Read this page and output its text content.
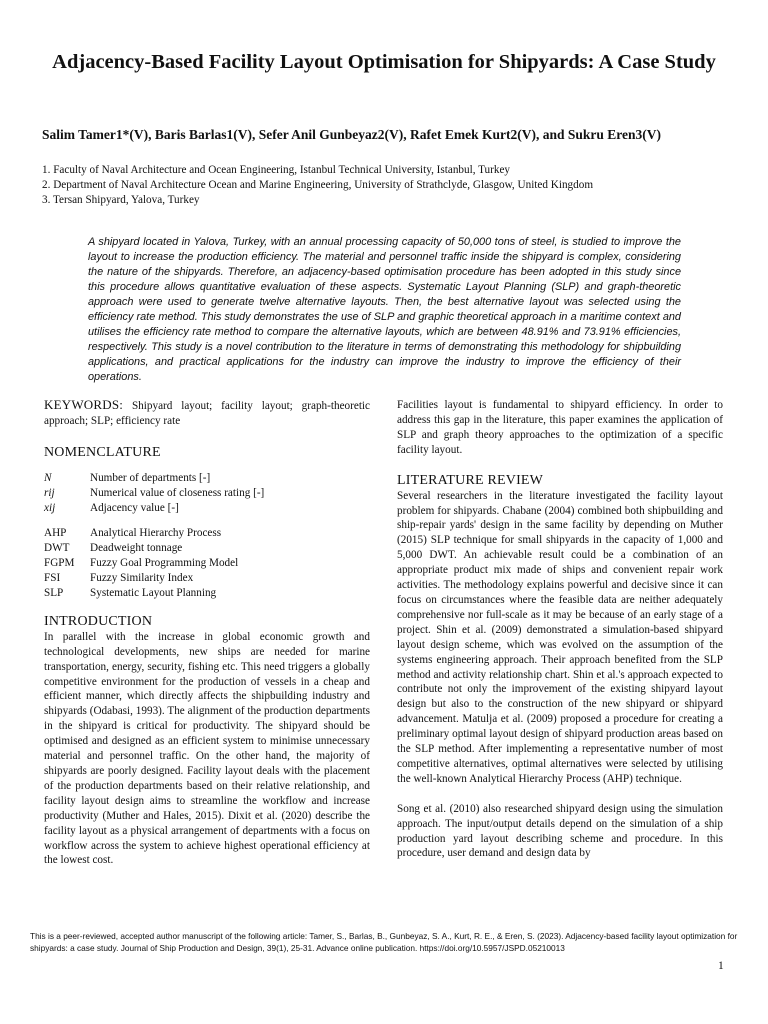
Adjacency-Based Facility Layout Optimisation for Shipyards: A Case Study
Salim Tamer1*(V), Baris Barlas1(V), Sefer Anil Gunbeyaz2(V), Rafet Emek Kurt2(V), and Sukru Eren3(V)
1. Faculty of Naval Architecture and Ocean Engineering, Istanbul Technical University, Istanbul, Turkey
2. Department of Naval Architecture Ocean and Marine Engineering, University of Strathclyde, Glasgow, United Kingdom
3. Tersan Shipyard, Yalova, Turkey
A shipyard located in Yalova, Turkey, with an annual processing capacity of 50,000 tons of steel, is studied to improve the layout to increase the production efficiency. The material and personnel traffic inside the shipyard is complex, considering the nature of the shipyards. Therefore, an adjacency-based optimisation procedure has been adopted in this study since this procedure allows quantitative evaluation of these aspects. Systematic Layout Planning (SLP) and graph-theoretic approach were used to generate twelve alternative layouts. Then, the best alternative layout was selected using the efficiency rate method. This study demonstrates the use of SLP and graphic theoretical approach in a maritime context and utilises the efficiency rate method to compare the alternative layouts, which are between 48.91% and 73.91% efficiencies, respectively. This study is a novel contribution to the literature in terms of demonstrating this methodology for shipbuilding applications, and practical applications for the industry can improve the industry to improve the efficiency of their operations.

KEYWORDS: Shipyard layout; facility layout; graph-theoretic approach; SLP; efficiency rate

NOMENCLATURE

N	Number of departments [-]
rij	Numerical value of closeness rating [-]
xij	Adjacency value [-]
AHP	Analytical Hierarchy Process
DWT	Deadweight tonnage
FGPM	Fuzzy Goal Programming Model
FSI	Fuzzy Similarity Index
SLP	Systematic Layout Planning

INTRODUCTION

In parallel with the increase in global economic growth and technological developments, new ships are needed for marine transportation, energy, security, fishing etc. This need triggers a globally competitive environment for the production of vessels in a cheap and efficient manner, which directly affects the shipbuilding industry and shipyards (Odabasi, 1993). The alignment of the production departments in the shipyard is critical for productivity. The shipyard should be optimised and designed as an efficient system to minimise unnecessary material and personnel traffic. On the other hand, the majority of shipyards are poorly designed. Facility layout deals with the placement of the production departments based on their relative relationship, and facility layout design aims to streamline the workflow and increase productivity (Muther and Hales, 2015). Dixit et al. (2020) describe the facility layout as a physical arrangement of departments with a focus on workflow across the system to achieve highest operational efficiency at the lowest cost.

Facilities layout is fundamental to shipyard efficiency. In order to address this gap in the literature, this paper examines the application of SLP and graph theory approaches to the optimization of a specific facility layout.

LITERATURE REVIEW

Several researchers in the literature investigated the facility layout problem for shipyards. Chabane (2004) combined both shipbuilding and ship-repair yards' design in the same facility by depending on Muther (2015) SLP technique for small shipyards in the capacity of 1,000 and 5,000 DWT. An achievable result could be a combination of an appropriate product mix made of ships and convenient repair work activities. The methodology explains powerful and decisive since it can focus on circumstances where the feasible data are neither adequately comprehensive nor full-scale as it may be because of an early stage of a project. Shin et al. (2009) demonstrated a simulation-based shipyard layout design scheme, which was evolved on the assumption of the systems engineering approach. Their approach benefited from the SLP method and activity relationship chart. Shin et al.'s approach expected to contribute not only the improvement of the existing shipyard layout design but also to the construction of the new shipyard or shipyard advancement. Matulja et al. (2009) proposed a procedure for creating a preliminary optimal layout design of shipyard production areas based on the SLP method. After implementing a representative number of most competitive alternatives, optimal alternatives were selected by utilising the well-known Analytical Hierarchy Process (AHP) technique.

Song et al. (2010) also researched shipyard design using the simulation approach. The input/output details depend on the simulation of a ship production yard layout describing scheme and procedure. In this procedure, user demand and design data by

This is a peer-reviewed, accepted author manuscript of the following article: Tamer, S., Barlas, B., Gunbeyaz, S. A., Kurt, R. E., & Eren, S. (2023). Adjacency-based facility layout optimization for shipyards: a case study. Journal of Ship Production and Design, 39(1), 25-31. Advance online publication. https://doi.org/10.5957/JSPD.05210013
1
